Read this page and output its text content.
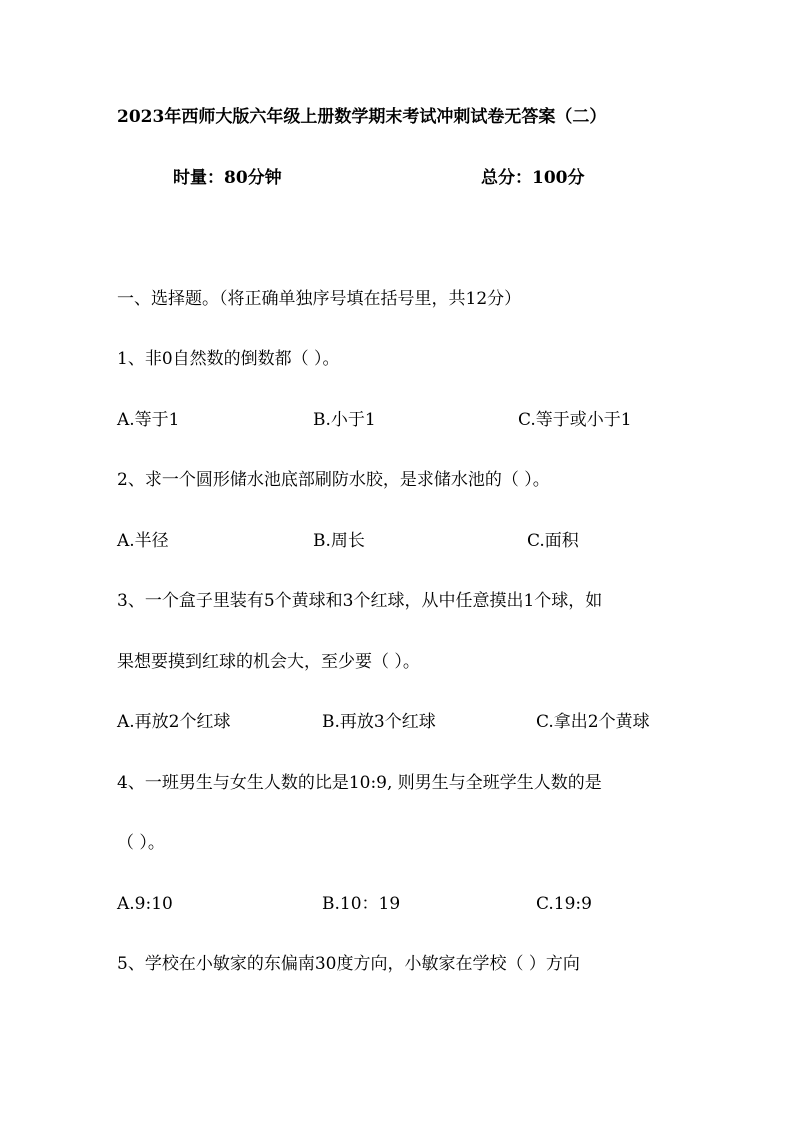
2023年西师大版六年级上册数学期末考试冲刺试卷无答案（二）
时量：80分钟	总分：100分
一、选择题。（将正确单独序号填在括号里，共12分）
1、非0自然数的倒数都（ ）。
A.等于1	B.小于1	C.等于或小于1
2、求一个圆形储水池底部刷防水胶，是求储水池的（ ）。
A.半径	B.周长	C.面积
3、一个盒子里装有5个黄球和3个红球，从中任意摸出1个球，如
果想要摸到红球的机会大，至少要（ ）。
A.再放2个红球	B.再放3个红球	C.拿出2个黄球
4、一班男生与女生人数的比是10:9, 则男生与全班学生人数的是
（ ）。
A.9:10	B.10：19	C.19:9
5、学校在小敏家的东偏南30度方向，小敏家在学校（ ）方向
